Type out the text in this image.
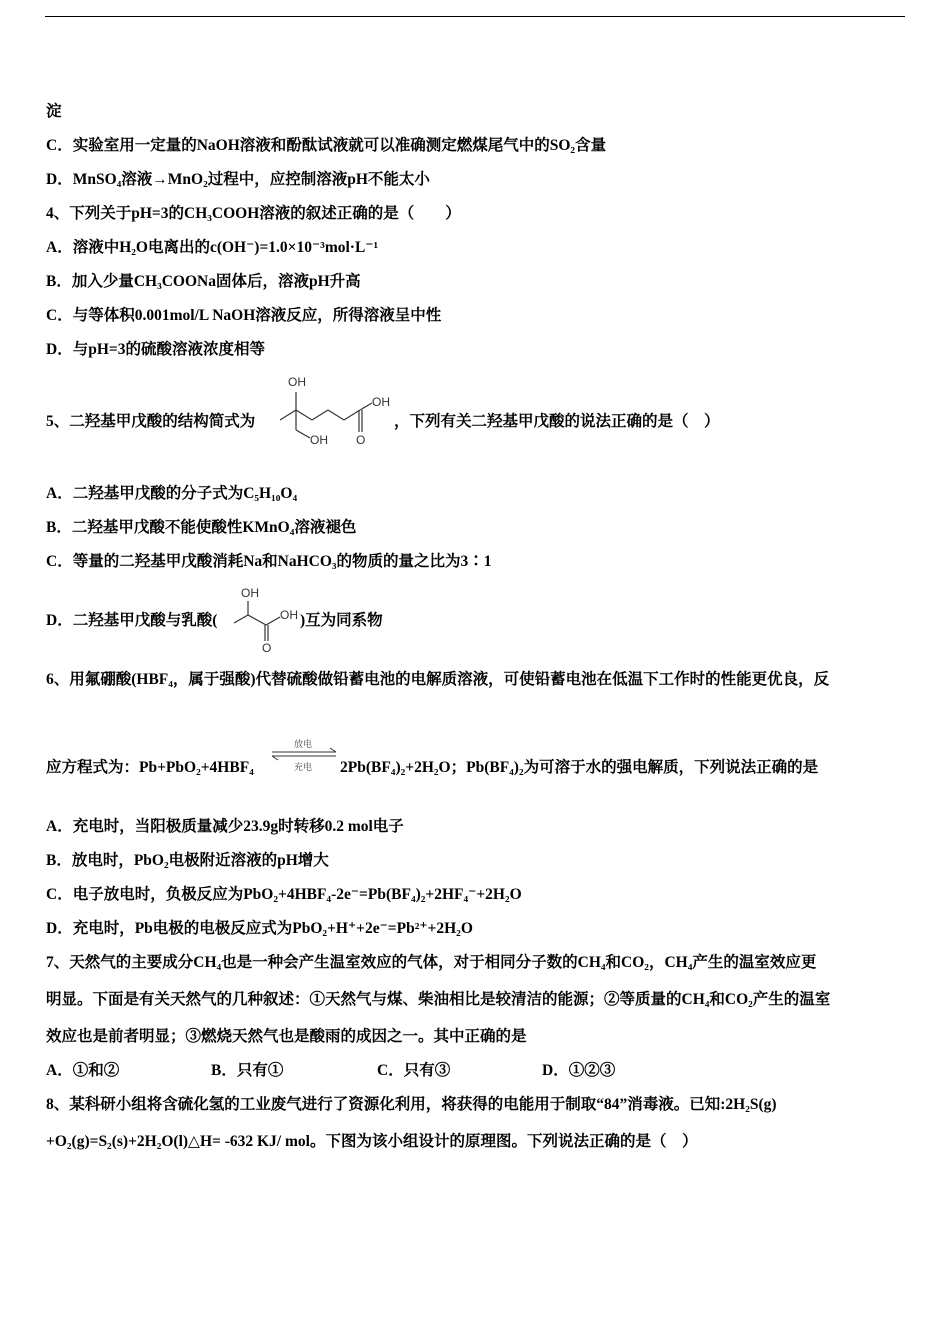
淀
C．实验室用一定量的NaOH溶液和酚酞试液就可以准确测定燃煤尾气中的SO₂含量
D．MnSO₄溶液→MnO₂过程中，应控制溶液pH不能太小
4、下列关于pH=3的CH₃COOH溶液的叙述正确的是（　　）
A．溶液中H₂O电离出的c(OH⁻)=1.0×10⁻³mol·L⁻¹
B．加入少量CH₃COONa固体后，溶液pH升高
C．与等体积0.001mol/L NaOH溶液反应，所得溶液呈中性
D．与pH=3的硫酸溶液浓度相等
5、二羟基甲戊酸的结构简式为
OH
OH
OH O
，下列有关二羟基甲戊酸的说法正确的是（　）
A．二羟基甲戊酸的分子式为C₅H₁₀O₄
B．二羟基甲戊酸不能使酸性KMnO₄溶液褪色
C．等量的二羟基甲戊酸消耗Na和NaHCO₃的物质的量之比为3∶1
D．二羟基甲戊酸与乳酸(
OH
OH
O
)互为同系物
6、用氟硼酸(HBF₄，属于强酸)代替硫酸做铅蓄电池的电解质溶液，可使铅蓄电池在低温下工作时的性能更优良，反
应方程式为：Pb+PbO₂+4HBF₄
放电
充电 2Pb(BF₄)₂+2H₂O；Pb(BF₄)₂为可溶于水的强电解质，下列说法正确的是
A．充电时，当阳极质量减少23.9g时转移0.2 mol电子
B．放电时，PbO₂电极附近溶液的pH增大
C．电子放电时，负极反应为PbO₂+4HBF₄-2e⁻=Pb(BF₄)₂+2HF₄⁻+2H₂O
D．充电时，Pb电极的电极反应式为PbO₂+H⁺+2e⁻=Pb²⁺+2H₂O
7、天然气的主要成分CH₄也是一种会产生温室效应的气体，对于相同分子数的CH₄和CO₂，CH₄产生的温室效应更
明显。下面是有关天然气的几种叙述：①天然气与煤、柴油相比是较清洁的能源；②等质量的CH₄和CO₂产生的温室
效应也是前者明显；③燃烧天然气也是酸雨的成因之一。其中正确的是
A．①和②	B．只有①	C．只有③	D．①②③
8、某科研小组将含硫化氢的工业废气进行了资源化利用，将获得的电能用于制取“84”消毒液。已知:2H₂S(g)
+O₂(g)=S₂(s)+2H₂O(l)△H= -632 KJ/ mol。下图为该小组设计的原理图。下列说法正确的是（　）
